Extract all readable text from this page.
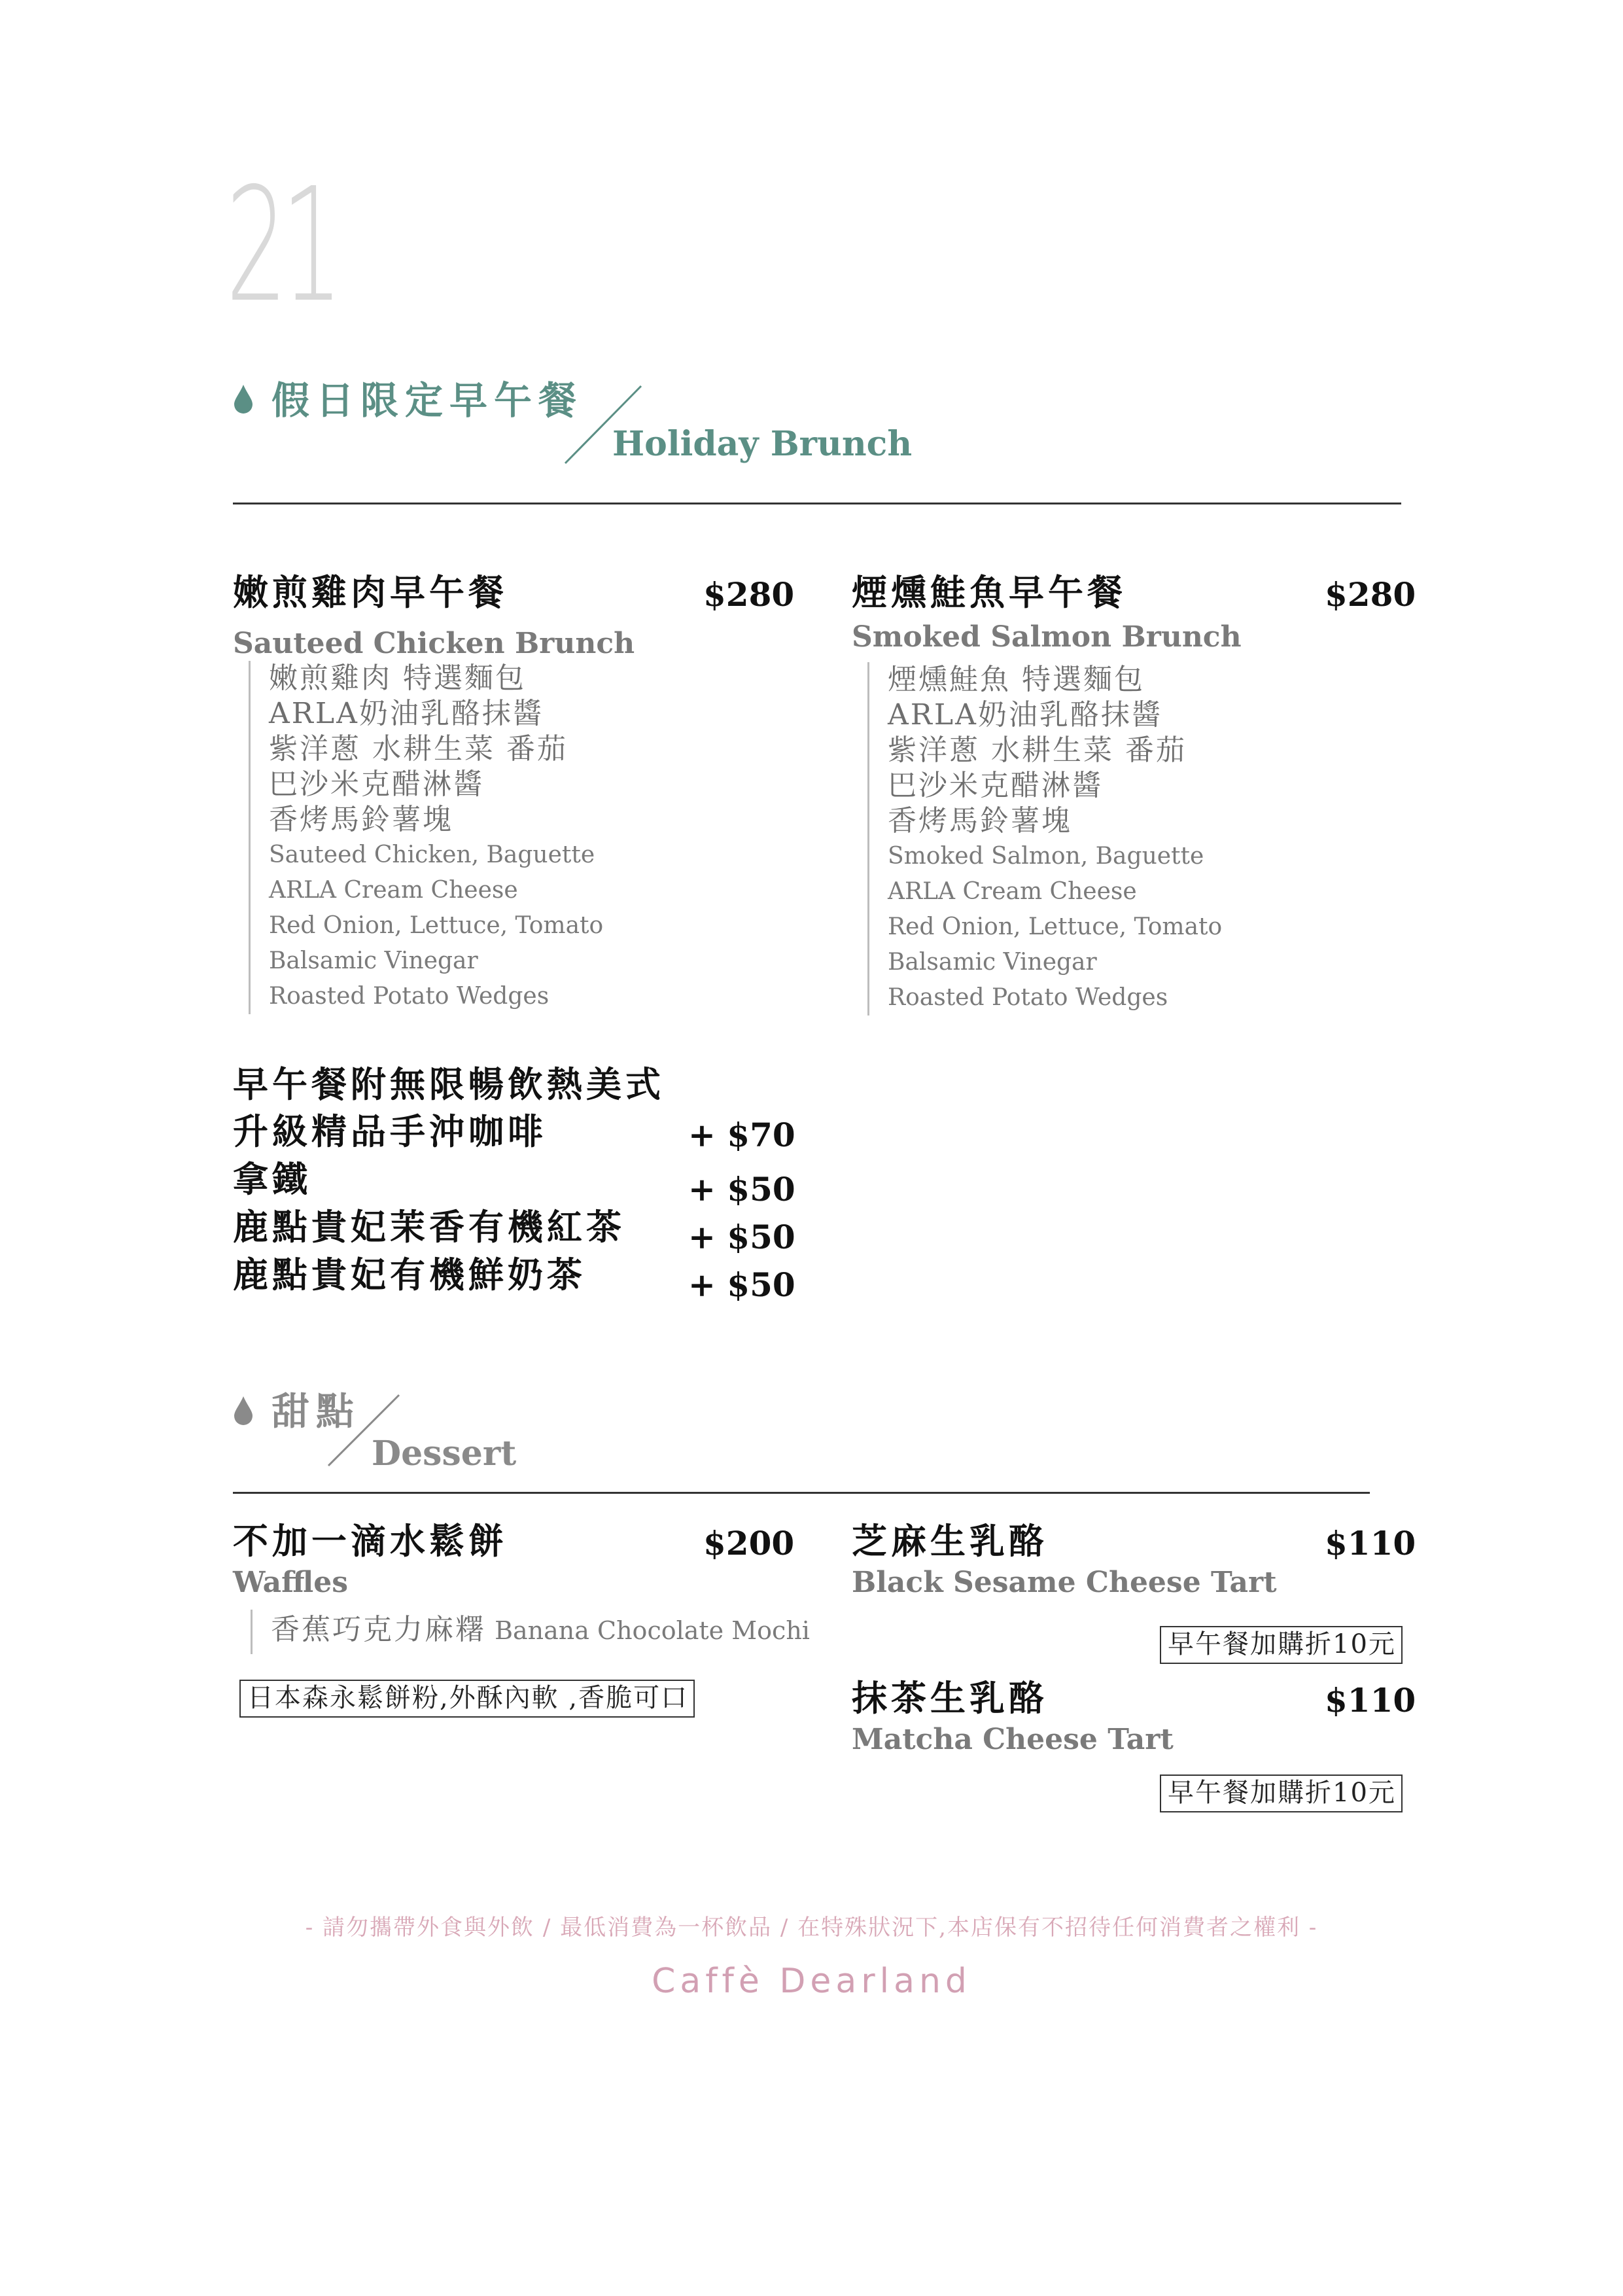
21
假日限定早午餐
Holiday Brunch
嫩煎雞肉早午餐	$280
Sauteed Chicken Brunch
嫩煎雞肉 特選麵包
ARLA奶油乳酪抹醬
紫洋蔥 水耕生菜 番茄
巴沙米克醋淋醬
香烤馬鈴薯塊
Sauteed Chicken, Baguette
ARLA Cream Cheese
Red Onion, Lettuce, Tomato
Balsamic Vinegar
Roasted Potato Wedges
煙燻鮭魚早午餐	$280
Smoked Salmon Brunch
煙燻鮭魚 特選麵包
ARLA奶油乳酪抹醬
紫洋蔥 水耕生菜 番茄
巴沙米克醋淋醬
香烤馬鈴薯塊
Smoked Salmon, Baguette
ARLA Cream Cheese
Red Onion, Lettuce, Tomato
Balsamic Vinegar
Roasted Potato Wedges
早午餐附無限暢飲熱美式
升級精品手沖咖啡	+ $70
拿鐵	+ $50
鹿點貴妃茉香有機紅茶 + $50
鹿點貴妃有機鮮奶茶	+ $50
甜點
Dessert
不加一滴水鬆餅	$200
Waffles
香蕉巧克力麻糬 Banana Chocolate Mochi
日本森永鬆餅粉,外酥內軟 ,香脆可口
芝麻生乳酪	$110
Black Sesame Cheese Tart
早午餐加購折10元
抹茶生乳酪	$110
Matcha Cheese Tart
早午餐加購折10元
- 請勿攜帶外食與外飲 / 最低消費為一杯飲品 / 在特殊狀況下,本店保有不招待任何消費者之權利 -
Caffè Dearland
